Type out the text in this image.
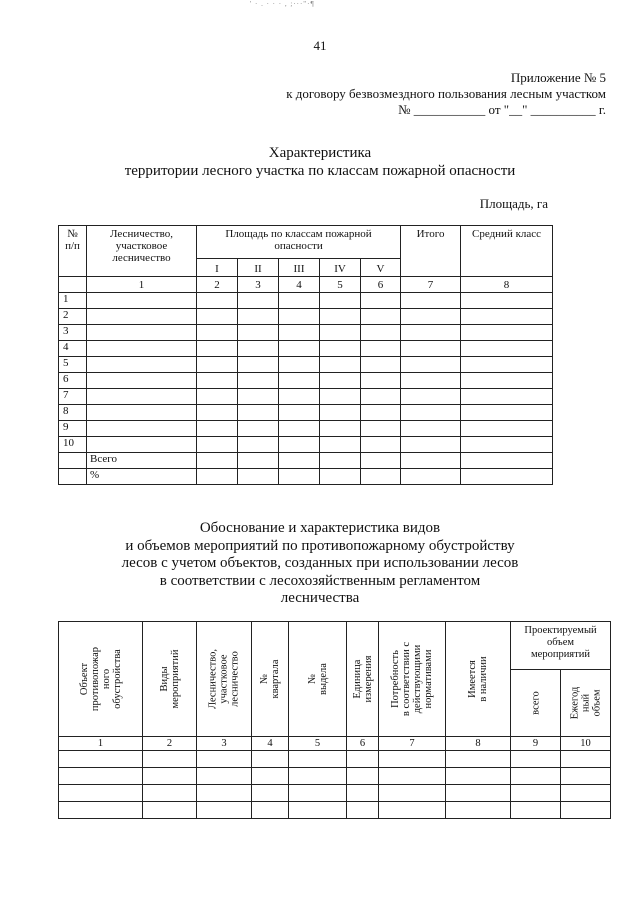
' · . · · · , ;···"·¶
41
Приложение № 5
к договору безвозмездного пользования лесным участком
№ ___________ от "__" __________ г.
Характеристика
территории лесного участка по классам пожарной опасности
Площадь, га
№
п/п	Лесничество,
участковое
лесничество	Площадь по классам пожарной
опасности					Итого	Средний класс
		I	II	III	IV	V		
	1	2	3	4	5	6	7	8
1								
2								
3								
4								
5								
6								
7								
8								
9								
10								
	Всего							
	%							
Обоснование и характеристика видов
и объемов мероприятий по противопожарному обустройству
лесов с учетом объектов, созданных при использовании лесов
в соответствии с лесохозяйственным регламентом
лесничества
Объект
противопожар
ного
обустройства	Виды
мероприятий	Лесничество,
участковое
лесничество	№
квартала	№
выдела	Единица
измерения	Потребность
в соответствии с
действующими
нормативами	Имеется
в наличии	Проектируемый
объем
мероприятий	

								всего	Ежегод
ный
объем

1	2	3	4	5	6	7	8	9	10
